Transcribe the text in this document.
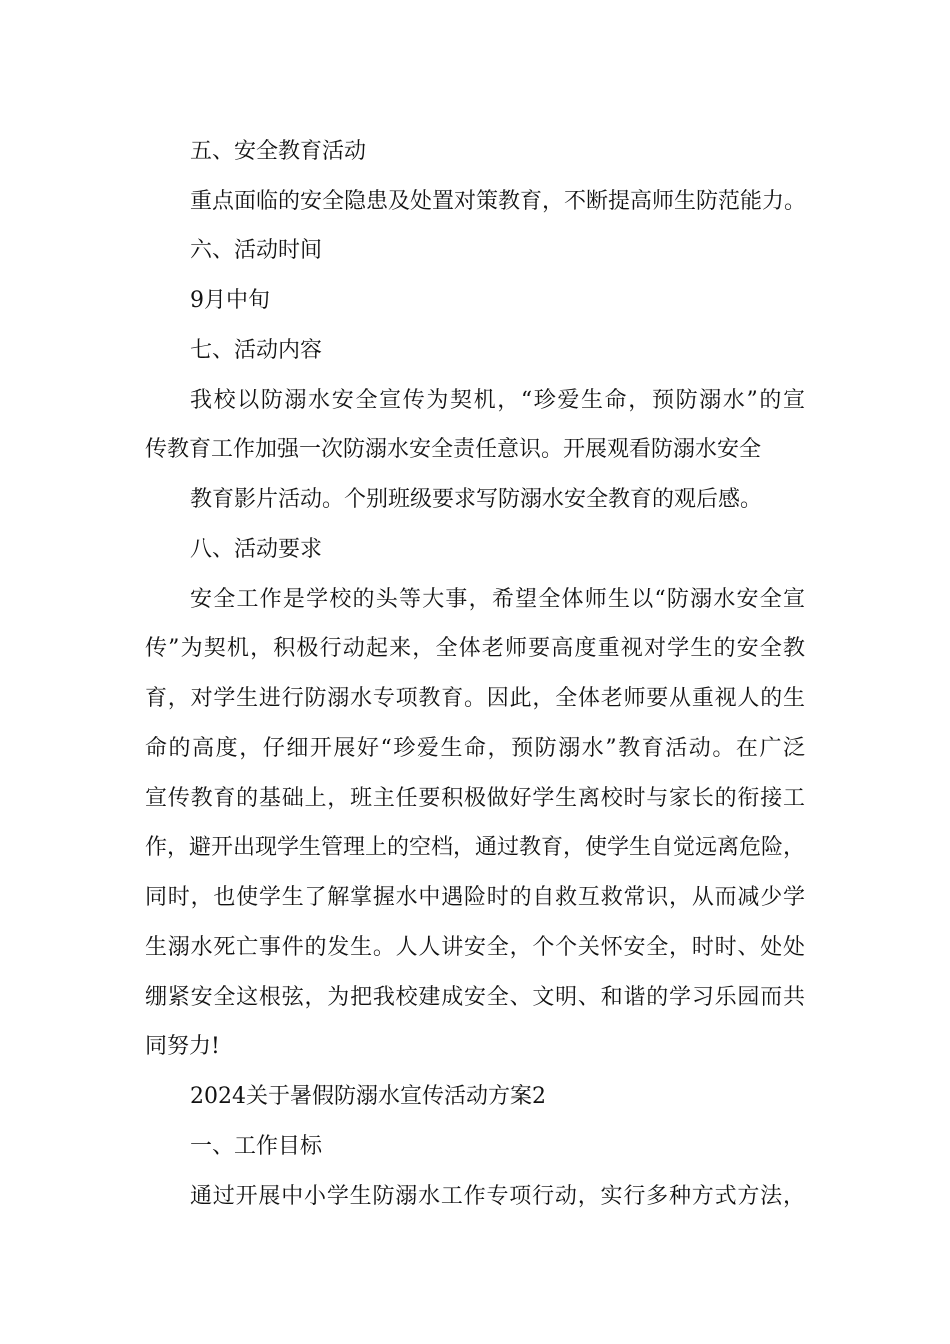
五、安全教育活动
重点面临的安全隐患及处置对策教育，不断提高师生防范能力。
六、活动时间
9月中旬
七、活动内容
我校以防溺水安全宣传为契机，“珍爱生命，预防溺水”的宣
传教育工作加强一次防溺水安全责任意识。开展观看防溺水安全
教育影片活动。个别班级要求写防溺水安全教育的观后感。
八、活动要求
安全工作是学校的头等大事，希望全体师生以“防溺水安全宣
传”为契机，积极行动起来，全体老师要高度重视对学生的安全教
育，对学生进行防溺水专项教育。因此，全体老师要从重视人的生
命的高度，仔细开展好“珍爱生命，预防溺水”教育活动。在广泛
宣传教育的基础上，班主任要积极做好学生离校时与家长的衔接工
作，避开出现学生管理上的空档，通过教育，使学生自觉远离危险，
同时，也使学生了解掌握水中遇险时的自救互救常识，从而减少学
生溺水死亡事件的发生。人人讲安全，个个关怀安全，时时、处处
绷紧安全这根弦，为把我校建成安全、文明、和谐的学习乐园而共
同努力!
2024关于暑假防溺水宣传活动方案2
一、工作目标
通过开展中小学生防溺水工作专项行动，实行多种方式方法，
